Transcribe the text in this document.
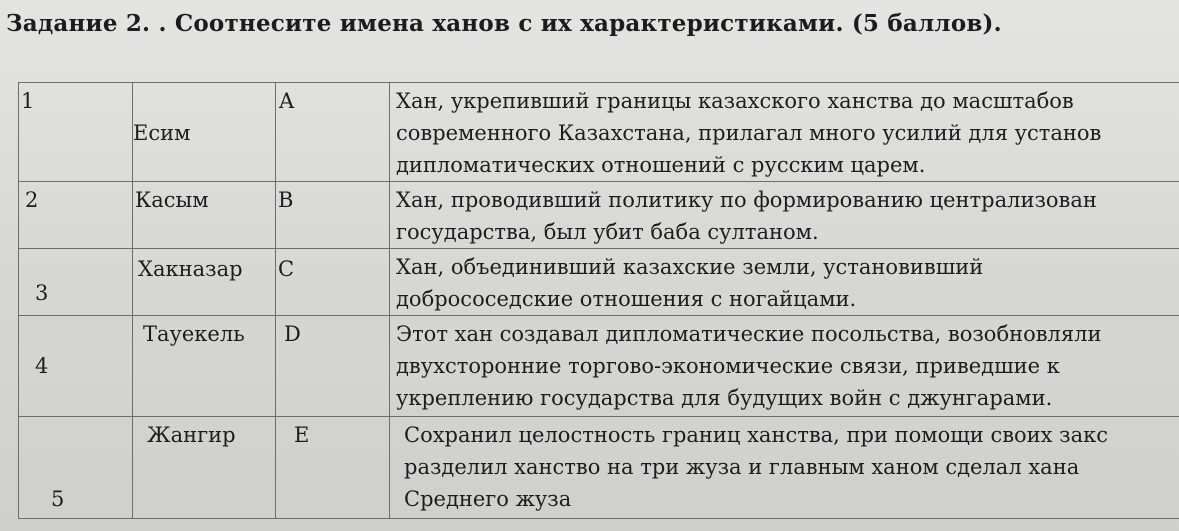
Задание 2. . Соотнесите имена ханов с их характеристиками. (5 баллов).
1	Есим	A	Хан, укрепивший границы казахского ханства до масштабов
современного Казахстана, прилагал много усилий для установ
дипломатических отношений с русским царем.

2	Касым	B	Хан, проводивший политику по формированию централизован
государства, был убит баба султаном.

3	Хакназар	C	Хан, объединивший казахские земли, установивший
добрососедские отношения с ногайцами.

4	Тауекель	D	Этот хан создавал дипломатические посольства, возобновляли
двухсторонние торгово-экономические связи, приведшие к
укреплению государства для будущих войн с джунгарами.

5	Жангир	E	Сохранил целостность границ ханства, при помощи своих закс
разделил ханство на три жуза и главным ханом сделал хана
Среднего жуза
